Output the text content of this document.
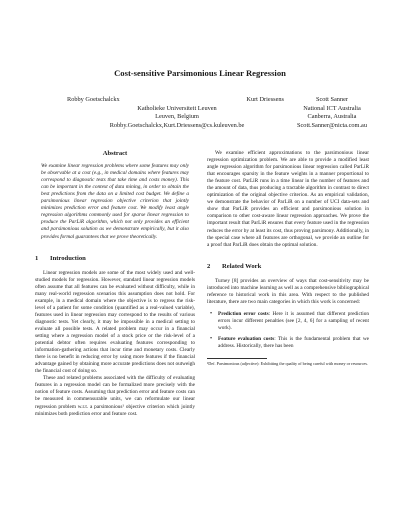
Cost-sensitive Parsimonious Linear Regression
Robby Goetschalckx	Kurt Driessens
Katholieke Universiteit Leuven
Leuven, Belgium
Robby.Goetschalckx,Kurt.Driessens@cs.kuleuven.be
Scott Sanner
National ICT Australia
Canberra, Australia
Scott.Sanner@nicta.com.au
Abstract

We examine linear regression problems where some features may only be observable at a cost (e.g., in medical domains where features may correspond to diagnostic tests that take time and costs money). This can be important in the context of data mining, in order to obtain the best predictions from the data on a limited cost budget. We define a parsimonious linear regression objective criterion that jointly minimizes prediction error and feature cost. We modify least angle regression algorithms commonly used for sparse linear regression to produce the ParLiR algorithm, which not only provides an efficient and parsimonious solution as we demonstrate empirically, but it also provides formal guarantees that we prove theoretically.

1 Introduction

Linear regression models are some of the most widely used and well-studied models for regression. However, standard linear regression models often assume that all features can be evaluated without difficulty, while in many real-world regression scenarios this assumption does not hold. For example, in a medical domain where the objective is to regress the risk-level of a patient for some condition (quantified as a real-valued variable), features used in linear regression may correspond to the results of various diagnostic tests. Yet clearly, it may be impossible in a medical setting to evaluate all possible tests. A related problem may occur in a financial setting where a regression model of a stock price or the risk-level of a potential debtor often requires evaluating features corresponding to information-gathering actions that incur time and monetary costs. Clearly there is no benefit in reducing error by using more features if the financial advantage gained by obtaining more accurate predictions does not outweigh the financial cost of doing so.

These and related problems associated with the difficulty of evaluating features in a regression model can be formalized more precisely with the notion of feature costs. Assuming that prediction error and feature costs can be measured in commensurable units, we can reformulate our linear regression problem w.r.t. a parsimonious¹ objective criterion which jointly minimizes both prediction error and feature cost.

We examine efficient approximations to the parsimonious linear regression optimization problem. We are able to provide a modified least angle regression algorithm for parsimonious linear regression called ParLiR that encourages sparsity in the feature weights in a manner proportional to the feature cost. ParLiR runs in a time linear in the number of features and the amount of data, thus producing a tractable algorithm in contrast to direct optimization of the original objective criterion. As an empirical validation, we demonstrate the behavior of ParLiR on a number of UCI data-sets and show that ParLiR provides an efficient and parsimonious solution in comparison to other cost-aware linear regression approaches. We prove the important result that ParLiR ensures that every feature used in the regression reduces the error by at least its cost, thus proving parsimony. Additionally, in the special case where all features are orthogonal, we provide an outline for a proof that ParLiR does obtain the optimal solution.

2 Related Work

Turney [8] provides an overview of ways that cost-sensitivity may be introduced into machine learning as well as a comprehensive bibliographical reference to historical work in this area. With respect to the published literature, there are two main categories in which this work is concerned:

• Prediction error costs: Here it is assumed that different prediction errors incur different penalties (see [2, 4, 6] for a sampling of recent work).
• Feature evaluation costs: This is the fundamental problem that we address. Historically, there has been

¹Def. Parsimonious (adjective): Exhibiting the quality of being careful with money or resources.
